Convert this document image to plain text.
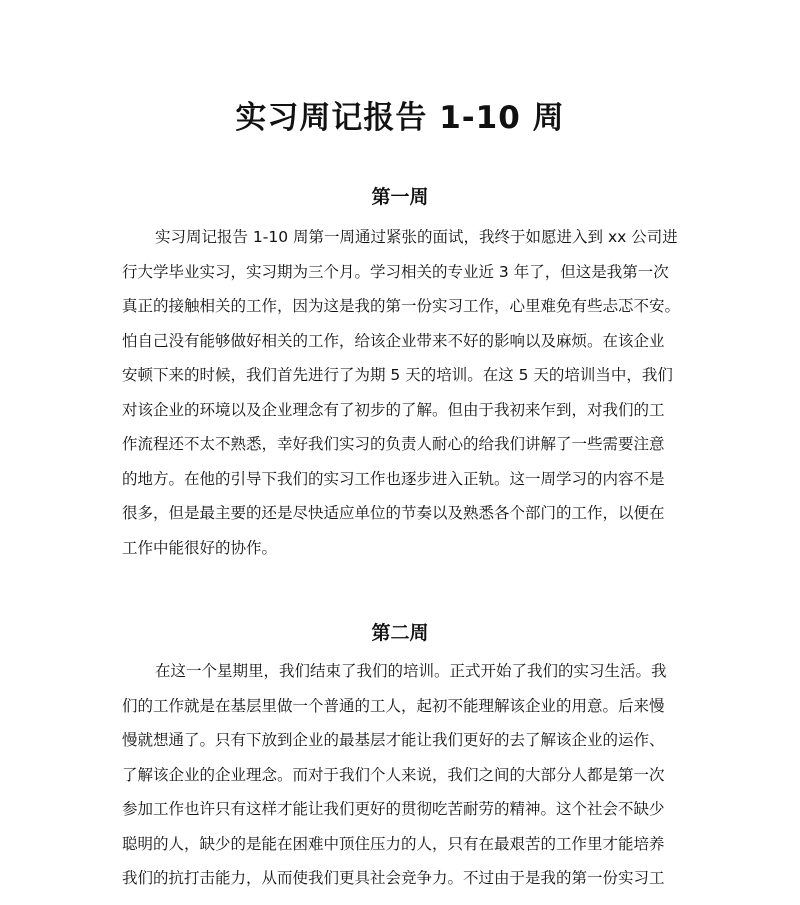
实习周记报告 1-10 周
第一周
实习周记报告 1-10 周第一周通过紧张的面试，我终于如愿进入到 xx 公司进
行大学毕业实习，实习期为三个月。学习相关的专业近 3 年了，但这是我第一次
真正的接触相关的工作，因为这是我的第一份实习工作，心里难免有些忐忑不安。
怕自己没有能够做好相关的工作，给该企业带来不好的影响以及麻烦。在该企业
安顿下来的时候，我们首先进行了为期 5 天的培训。在这 5 天的培训当中，我们
对该企业的环境以及企业理念有了初步的了解。但由于我初来乍到，对我们的工
作流程还不太不熟悉，幸好我们实习的负责人耐心的给我们讲解了一些需要注意
的地方。在他的引导下我们的实习工作也逐步进入正轨。这一周学习的内容不是
很多，但是最主要的还是尽快适应单位的节奏以及熟悉各个部门的工作，以便在
工作中能很好的协作。
第二周
在这一个星期里，我们结束了我们的培训。正式开始了我们的实习生活。我
们的工作就是在基层里做一个普通的工人，起初不能理解该企业的用意。后来慢
慢就想通了。只有下放到企业的最基层才能让我们更好的去了解该企业的运作、
了解该企业的企业理念。而对于我们个人来说，我们之间的大部分人都是第一次
参加工作也许只有这样才能让我们更好的贯彻吃苦耐劳的精神。这个社会不缺少
聪明的人，缺少的是能在困难中顶住压力的人，只有在最艰苦的工作里才能培养
我们的抗打击能力，从而使我们更具社会竞争力。不过由于是我的第一份实习工
